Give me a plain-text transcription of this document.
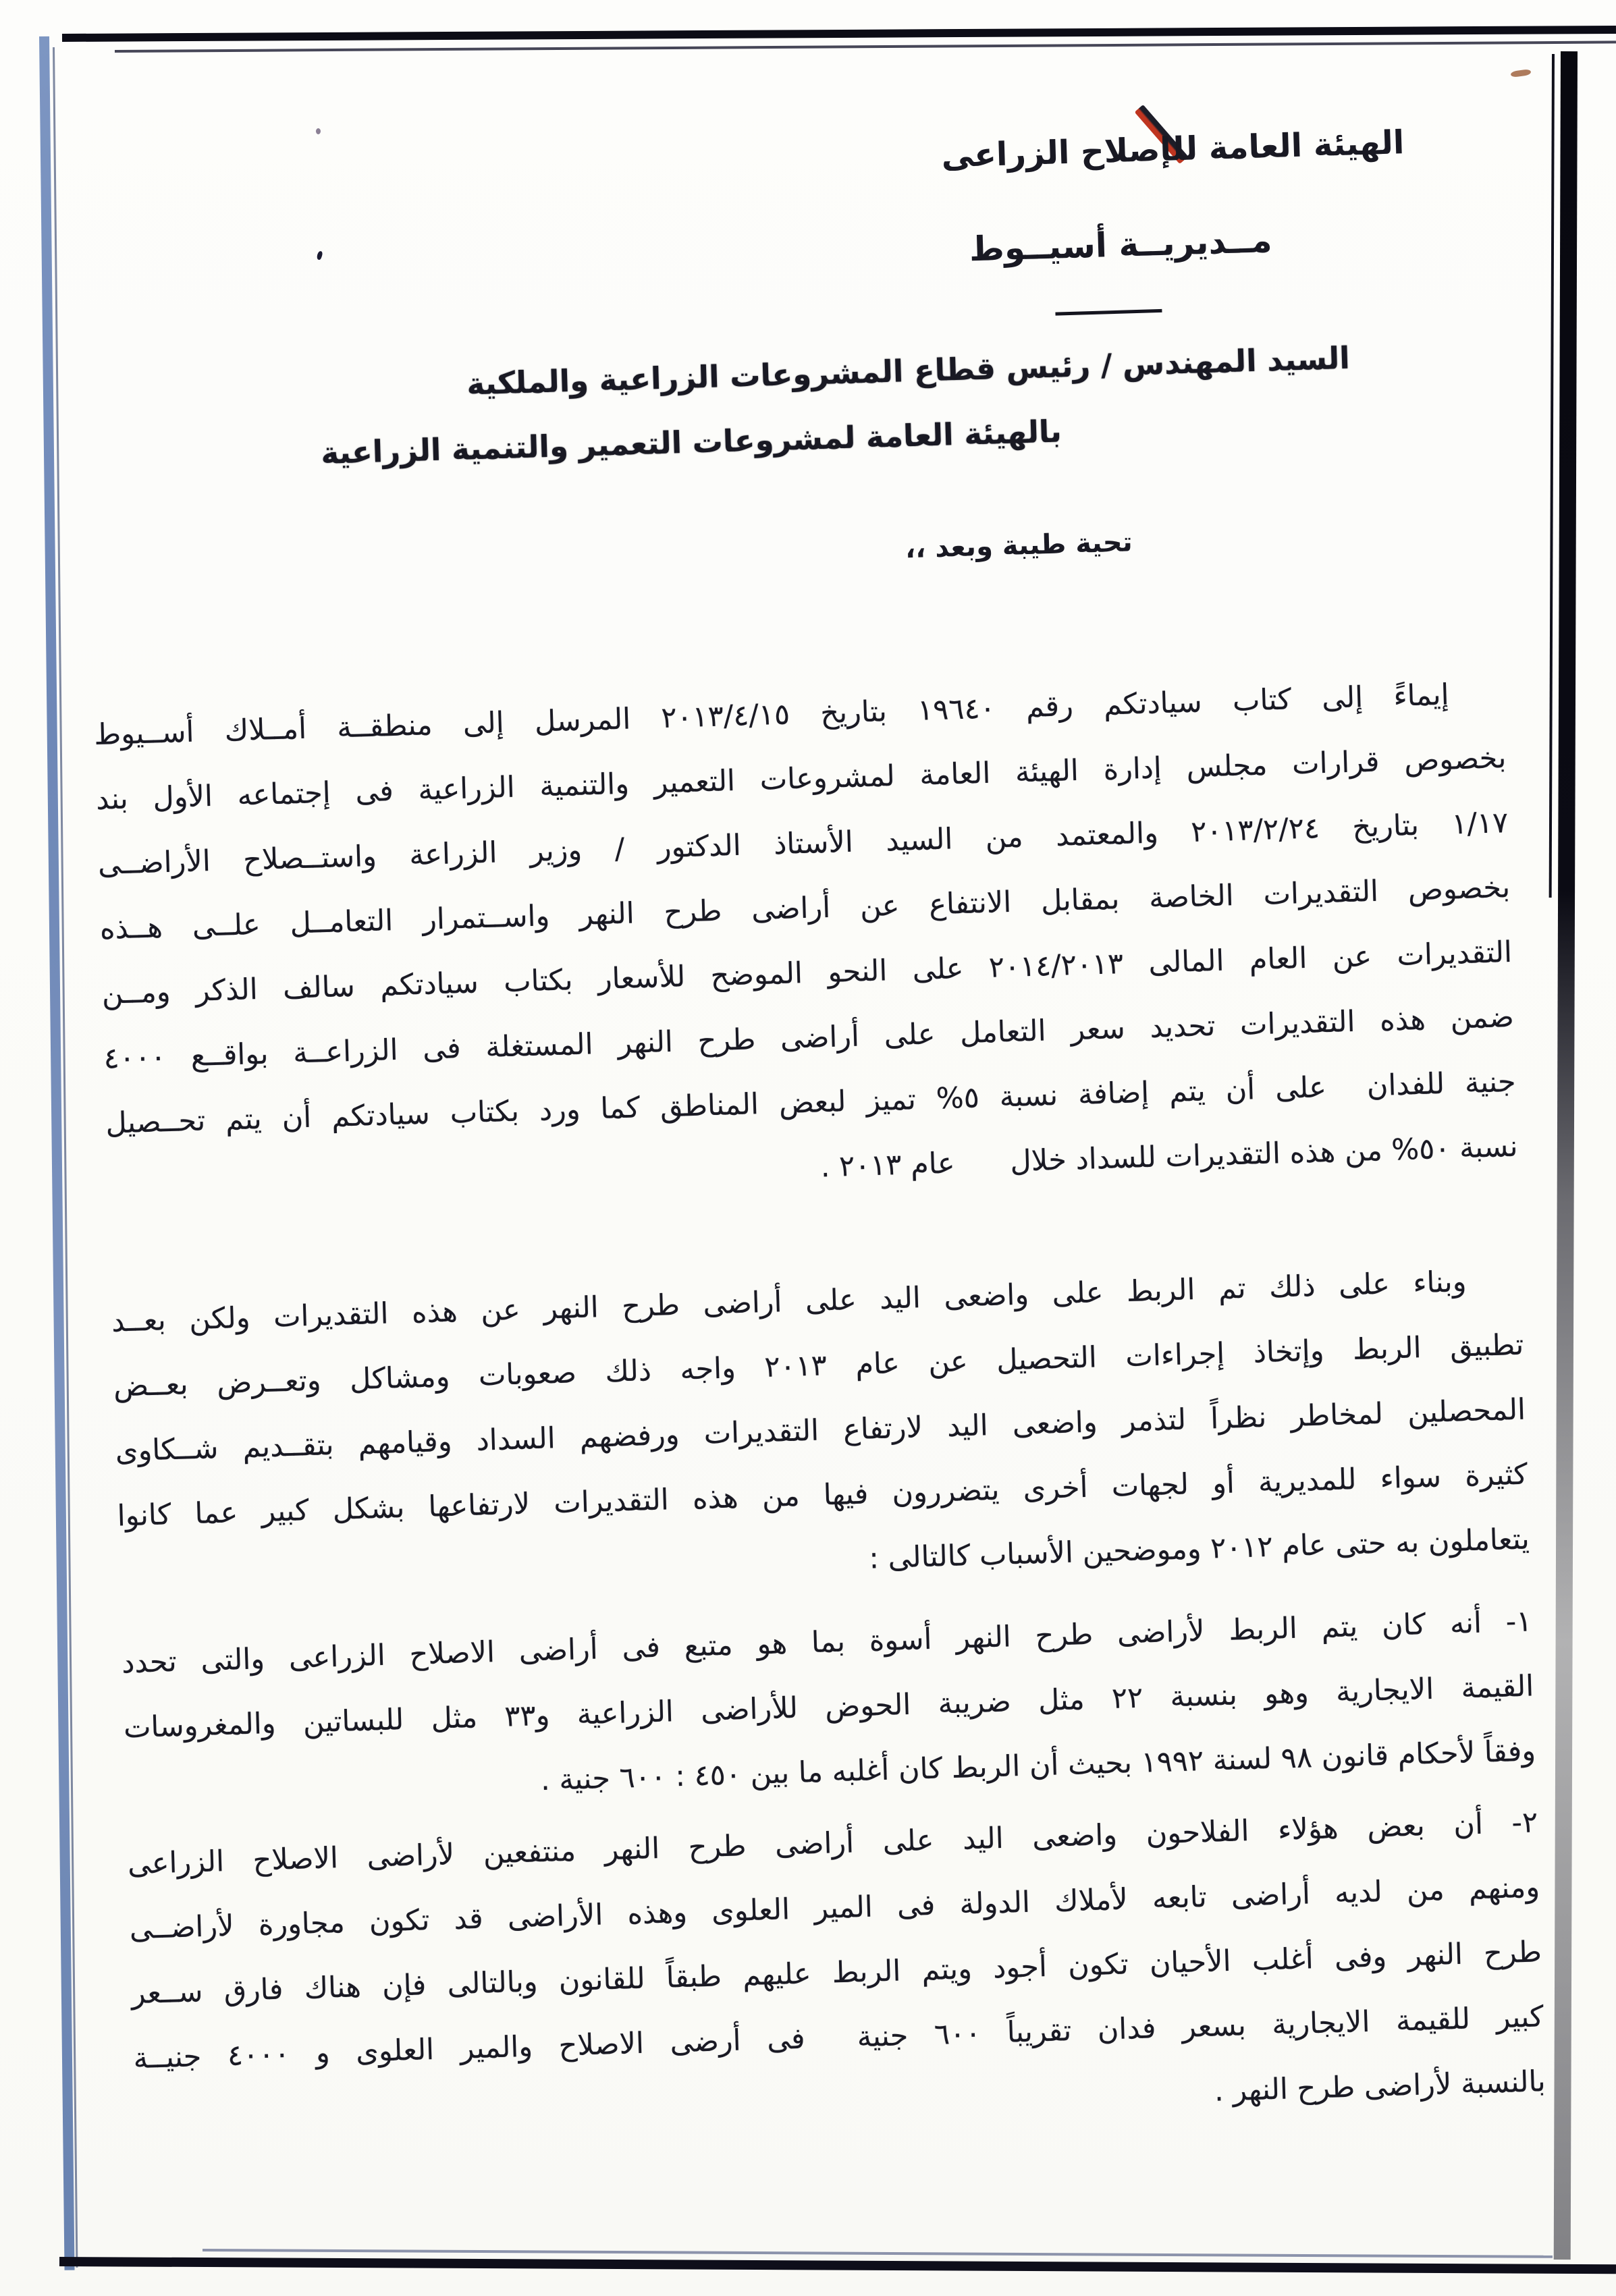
الهيئة العامة للإصلاح الزراعى
مــديريــة أسيــوط
السيد المهندس / رئيس قطاع المشروعات الزراعية والملكية
بالهيئة العامة لمشروعات التعمير والتنمية الزراعية
تحية طيبة وبعد ،،
إيماءً إلى كتاب سيادتكم رقم ١٩٦٤٠ بتاريخ ٢٠١٣/٤/١٥ المرسل إلى منطقــة أمــلاك أســيوط
بخصوص قرارات مجلس إدارة الهيئة العامة لمشروعات التعمير والتنمية الزراعية فى إجتماعه الأول بند
١/١٧ بتاريخ ٢٠١٣/٢/٢٤ والمعتمد من السيد الأستاذ الدكتور / وزير الزراعة واستــصلاح الأراضــى
بخصوص التقديرات الخاصة بمقابل الانتفاع عن أراضى طرح النهر واســتمرار التعامــل علــى هــذه
التقديرات عن العام المالى ٢٠١٤/٢٠١٣ على النحو الموضح للأسعار بكتاب سيادتكم سالف الذكر ومــن
ضمن هذه التقديرات تحديد سعر التعامل على أراضى طرح النهر المستغلة فى الزراعــة بواقــع ٤٠٠٠
جنية للفدان  على أن يتم إضافة نسبة ٥% تميز لبعض المناطق كما ورد بكتاب سيادتكم أن يتم تحــصيل
نسبة ٥٠% من هذه التقديرات للسداد خلال      عام ٢٠١٣ .
وبناء على ذلك تم الربط على واضعى اليد على أراضى طرح النهر عن هذه التقديرات ولكن بعــد
تطبيق الربط وإتخاذ إجراءات التحصيل عن عام ٢٠١٣ واجه ذلك صعوبات ومشاكل وتعــرض بعــض
المحصلين لمخاطر نظراً لتذمر واضعى اليد لارتفاع التقديرات ورفضهم السداد وقيامهم بتقــديم شــكاوى
كثيرة سواء للمديرية أو لجهات أخرى يتضررون فيها من هذه التقديرات لارتفاعها بشكل كبير عما كانوا
يتعاملون به حتى عام ٢٠١٢ وموضحين الأسباب كالتالى :
١- أنه كان يتم الربط لأراضى طرح النهر أسوة بما هو متبع فى أراضى الاصلاح الزراعى والتى تحدد
القيمة الايجارية وهو بنسبة ٢٢ مثل ضريبة الحوض للأراضى الزراعية و٣٣ مثل للبساتين والمغروسات
وفقاً لأحكام قانون ٩٨ لسنة ١٩٩٢ بحيث أن الربط كان أغلبه ما بين ٤٥٠ : ٦٠٠ جنية .
٢- أن بعض هؤلاء الفلاحون واضعى اليد على أراضى طرح النهر منتفعين لأراضى الاصلاح الزراعى
ومنهم من لديه أراضى تابعه لأملاك الدولة فى المير العلوى وهذه الأراضى قد تكون مجاورة لأراضــى
طرح النهر وفى أغلب الأحيان تكون أجود ويتم الربط عليهم طبقاً للقانون وبالتالى فإن هناك فارق ســعر
كبير للقيمة الايجارية بسعر فدان تقريباً ٦٠٠ جنية  فى أرضى الاصلاح والمير العلوى و ٤٠٠٠ جنيــة
بالنسبة لأراضى طرح النهر .
